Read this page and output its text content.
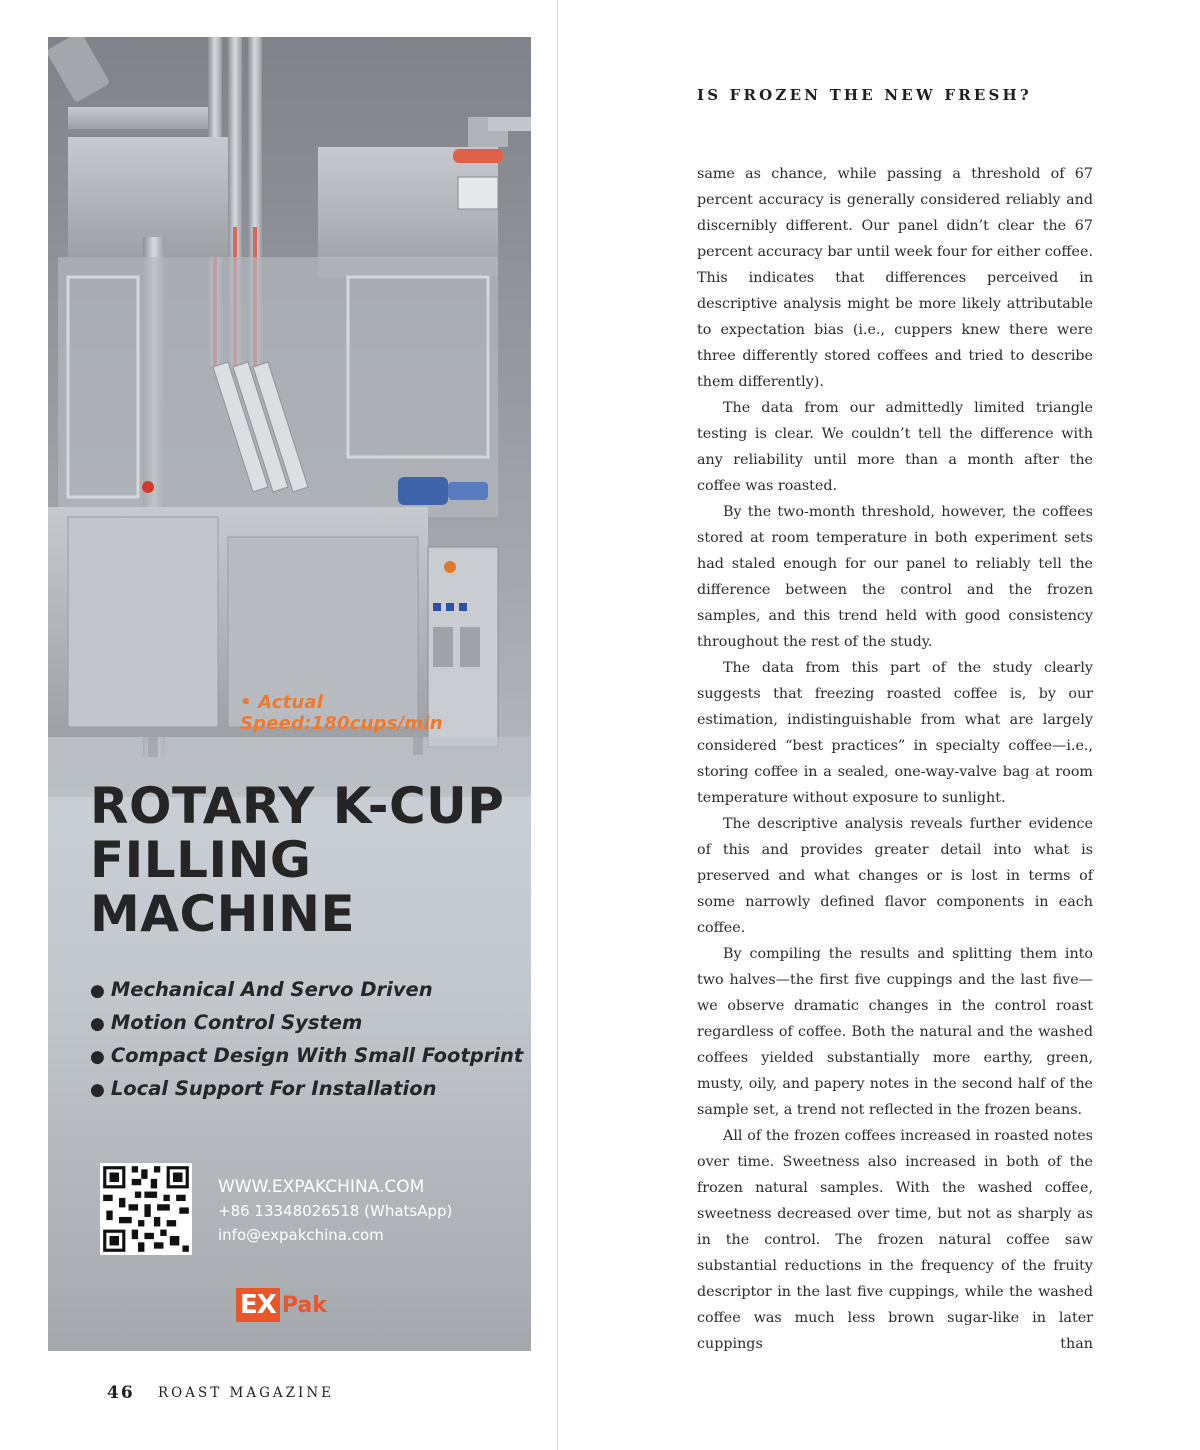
• Actual Speed:180cups/min
ROTARY K-CUP
FILLING
MACHINE
● Mechanical And Servo Driven
● Motion Control System
● Compact Design With Small Footprint
● Local Support For Installation
WWW.EXPAKCHINA.COM
+86 13348026518 (WhatsApp)
info@expakchina.com
EX Pak
46 ROAST MAGAZINE
IS FROZEN THE NEW FRESH?

same as chance, while passing a threshold of 67 percent accuracy is generally considered reliably and discernibly different. Our panel didn’t clear the 67 percent accuracy bar until week four for either coffee. This indicates that differences perceived in descriptive analysis might be more likely attributable to expectation bias (i.e., cuppers knew there were three differently stored coffees and tried to describe them differently).

The data from our admittedly limited triangle testing is clear. We couldn’t tell the difference with any reliability until more than a month after the coffee was roasted.

By the two-month threshold, however, the coffees stored at room temperature in both experiment sets had staled enough for our panel to reliably tell the difference between the control and the frozen samples, and this trend held with good consistency throughout the rest of the study.

The data from this part of the study clearly suggests that freezing roasted coffee is, by our estimation, indistinguishable from what are largely considered “best practices” in specialty coffee—i.e., storing coffee in a sealed, one-way-valve bag at room temperature without exposure to sunlight.

The descriptive analysis reveals further evidence of this and provides greater detail into what is preserved and what changes or is lost in terms of some narrowly defined flavor components in each coffee.

By compiling the results and splitting them into two halves—the first five cuppings and the last five—we observe dramatic changes in the control roast regardless of coffee. Both the natural and the washed coffees yielded substantially more earthy, green, musty, oily, and papery notes in the second half of the sample set, a trend not reflected in the frozen beans.

All of the frozen coffees increased in roasted notes over time. Sweetness also increased in both of the frozen natural samples. With the washed coffee, sweetness decreased over time, but not as sharply as in the control. The frozen natural coffee saw substantial reductions in the frequency of the fruity descriptor in the last five cuppings, while the washed coffee was much less brown sugar-like in later cuppings than
